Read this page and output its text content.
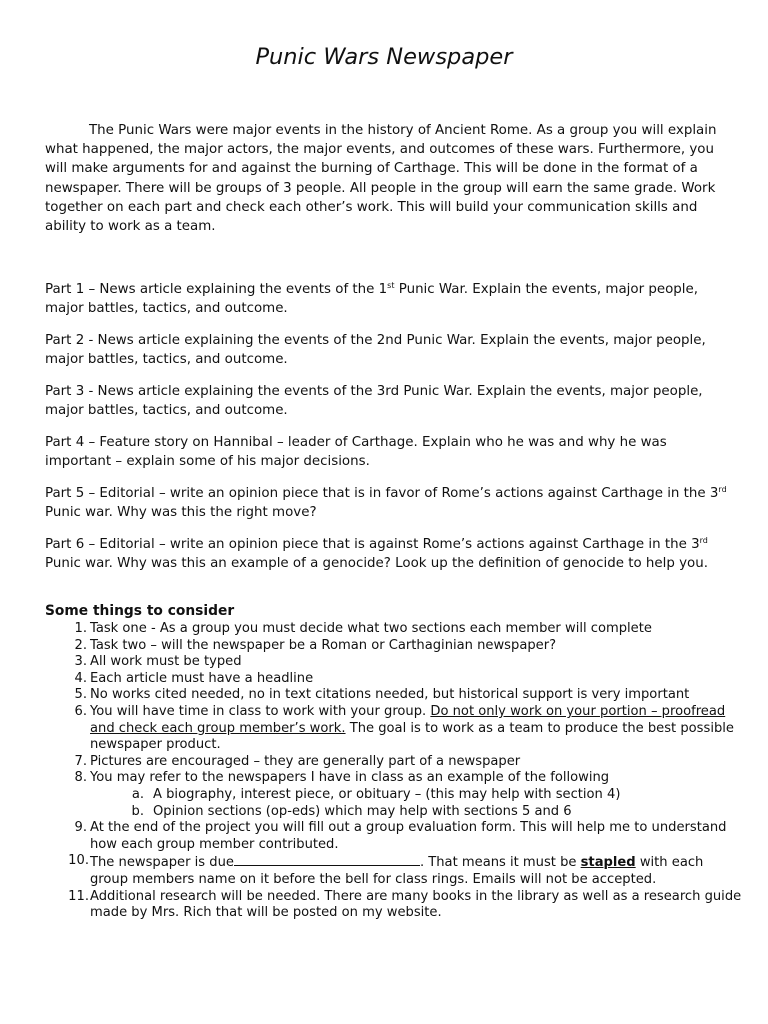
Punic Wars Newspaper

The Punic Wars were major events in the history of Ancient Rome. As a group you will explain what happened, the major actors, the major events, and outcomes of these wars. Furthermore, you will make arguments for and against the burning of Carthage. This will be done in the format of a newspaper. There will be groups of 3 people. All people in the group will earn the same grade. Work together on each part and check each other’s work. This will build your communication skills and ability to work as a team.

Part 1 – News article explaining the events of the 1st Punic War. Explain the events, major people, major battles, tactics, and outcome.

Part 2 - News article explaining the events of the 2nd Punic War. Explain the events, major people, major battles, tactics, and outcome.

Part 3 - News article explaining the events of the 3rd Punic War. Explain the events, major people, major battles, tactics, and outcome.

Part 4 – Feature story on Hannibal – leader of Carthage. Explain who he was and why he was important – explain some of his major decisions.

Part 5 – Editorial – write an opinion piece that is in favor of Rome’s actions against Carthage in the 3rd Punic war. Why was this the right move?

Part 6 – Editorial – write an opinion piece that is against Rome’s actions against Carthage in the 3rd Punic war. Why was this an example of a genocide? Look up the definition of genocide to help you.

Some things to consider

1. Task one - As a group you must decide what two sections each member will complete
2. Task two – will the newspaper be a Roman or Carthaginian newspaper?
3. All work must be typed
4. Each article must have a headline
5. No works cited needed, no in text citations needed, but historical support is very important
6. You will have time in class to work with your group. Do not only work on your portion – proofread and check each group member’s work. The goal is to work as a team to produce the best possible newspaper product.
7. Pictures are encouraged – they are generally part of a newspaper
8. You may refer to the newspapers I have in class as an example of the following
a. A biography, interest piece, or obituary – (this may help with section 4)
b. Opinion sections (op-eds) which may help with sections 5 and 6
9. At the end of the project you will fill out a group evaluation form. This will help me to understand how each group member contributed.
10. The newspaper is due	. That means it must be stapled with each group members name on it before the bell for class rings. Emails will not be accepted.
11. Additional research will be needed. There are many books in the library as well as a research guide made by Mrs. Rich that will be posted on my website.
